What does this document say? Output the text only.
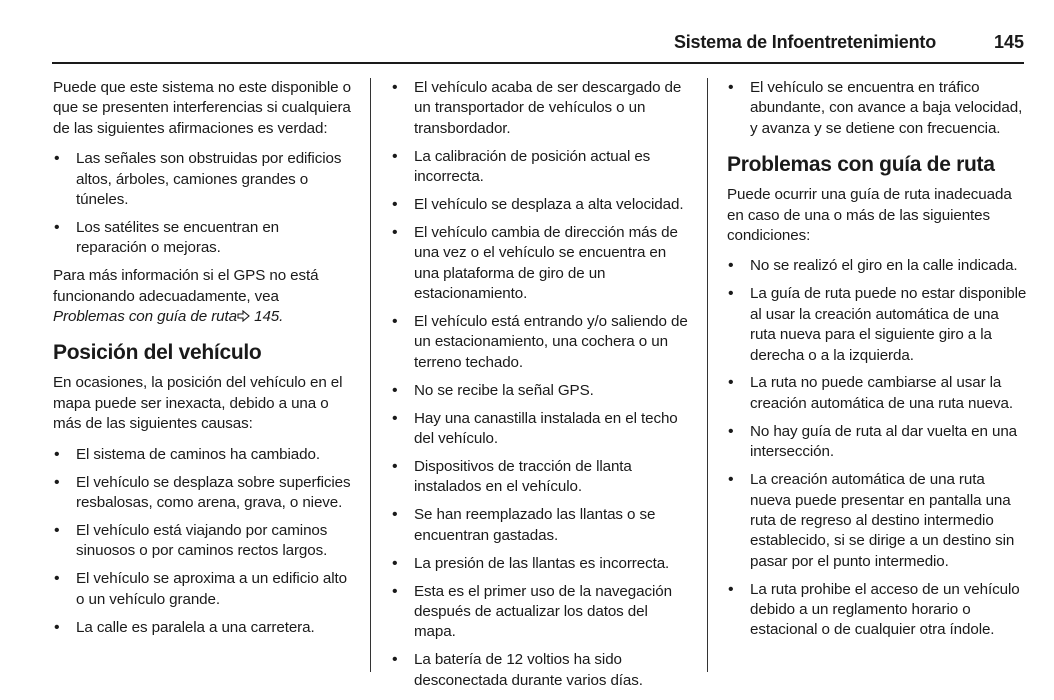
Sistema de Infoentretenimiento	145

Puede que este sistema no este disponible o que se presenten interferencias si cualquiera de las siguientes afirmaciones es verdad:

• Las señales son obstruidas por edificios altos, árboles, camiones grandes o túneles.
• Los satélites se encuentran en reparación o mejoras.

Para más información si el GPS no está funcionando adecuadamente, vea Problemas con guía de ruta 145.

Posición del vehículo

En ocasiones, la posición del vehículo en el mapa puede ser inexacta, debido a una o más de las siguientes causas:

• El sistema de caminos ha cambiado.
• El vehículo se desplaza sobre superficies resbalosas, como arena, grava, o nieve.
• El vehículo está viajando por caminos sinuosos o por caminos rectos largos.
• El vehículo se aproxima a un edificio alto o un vehículo grande.
• La calle es paralela a una carretera.
• El vehículo acaba de ser descargado de un transportador de vehículos o un transbordador.
• La calibración de posición actual es incorrecta.
• El vehículo se desplaza a alta velocidad.
• El vehículo cambia de dirección más de una vez o el vehículo se encuentra en una plataforma de giro de un estacionamiento.
• El vehículo está entrando y/o saliendo de un estacionamiento, una cochera o un terreno techado.
• No se recibe la señal GPS.
• Hay una canastilla instalada en el techo del vehículo.
• Dispositivos de tracción de llanta instalados en el vehículo.
• Se han reemplazado las llantas o se encuentran gastadas.
• La presión de las llantas es incorrecta.
• Esta es el primer uso de la navegación después de actualizar los datos del mapa.
• La batería de 12 voltios ha sido desconectada durante varios días.
• El vehículo se encuentra en tráfico abundante, con avance a baja velocidad, y avanza y se detiene con frecuencia.
Problemas con guía de ruta

Puede ocurrir una guía de ruta inadecuada en caso de una o más de las siguientes condiciones:

• No se realizó el giro en la calle indicada.
• La guía de ruta puede no estar disponible al usar la creación automática de una ruta nueva para el siguiente giro a la derecha o a la izquierda.
• La ruta no puede cambiarse al usar la creación automática de una ruta nueva.
• No hay guía de ruta al dar vuelta en una intersección.
• La creación automática de una ruta nueva puede presentar en pantalla una ruta de regreso al destino intermedio establecido, si se dirige a un destino sin pasar por el punto intermedio.
• La ruta prohibe el acceso de un vehículo debido a un reglamento horario o estacional o de cualquier otra índole.
